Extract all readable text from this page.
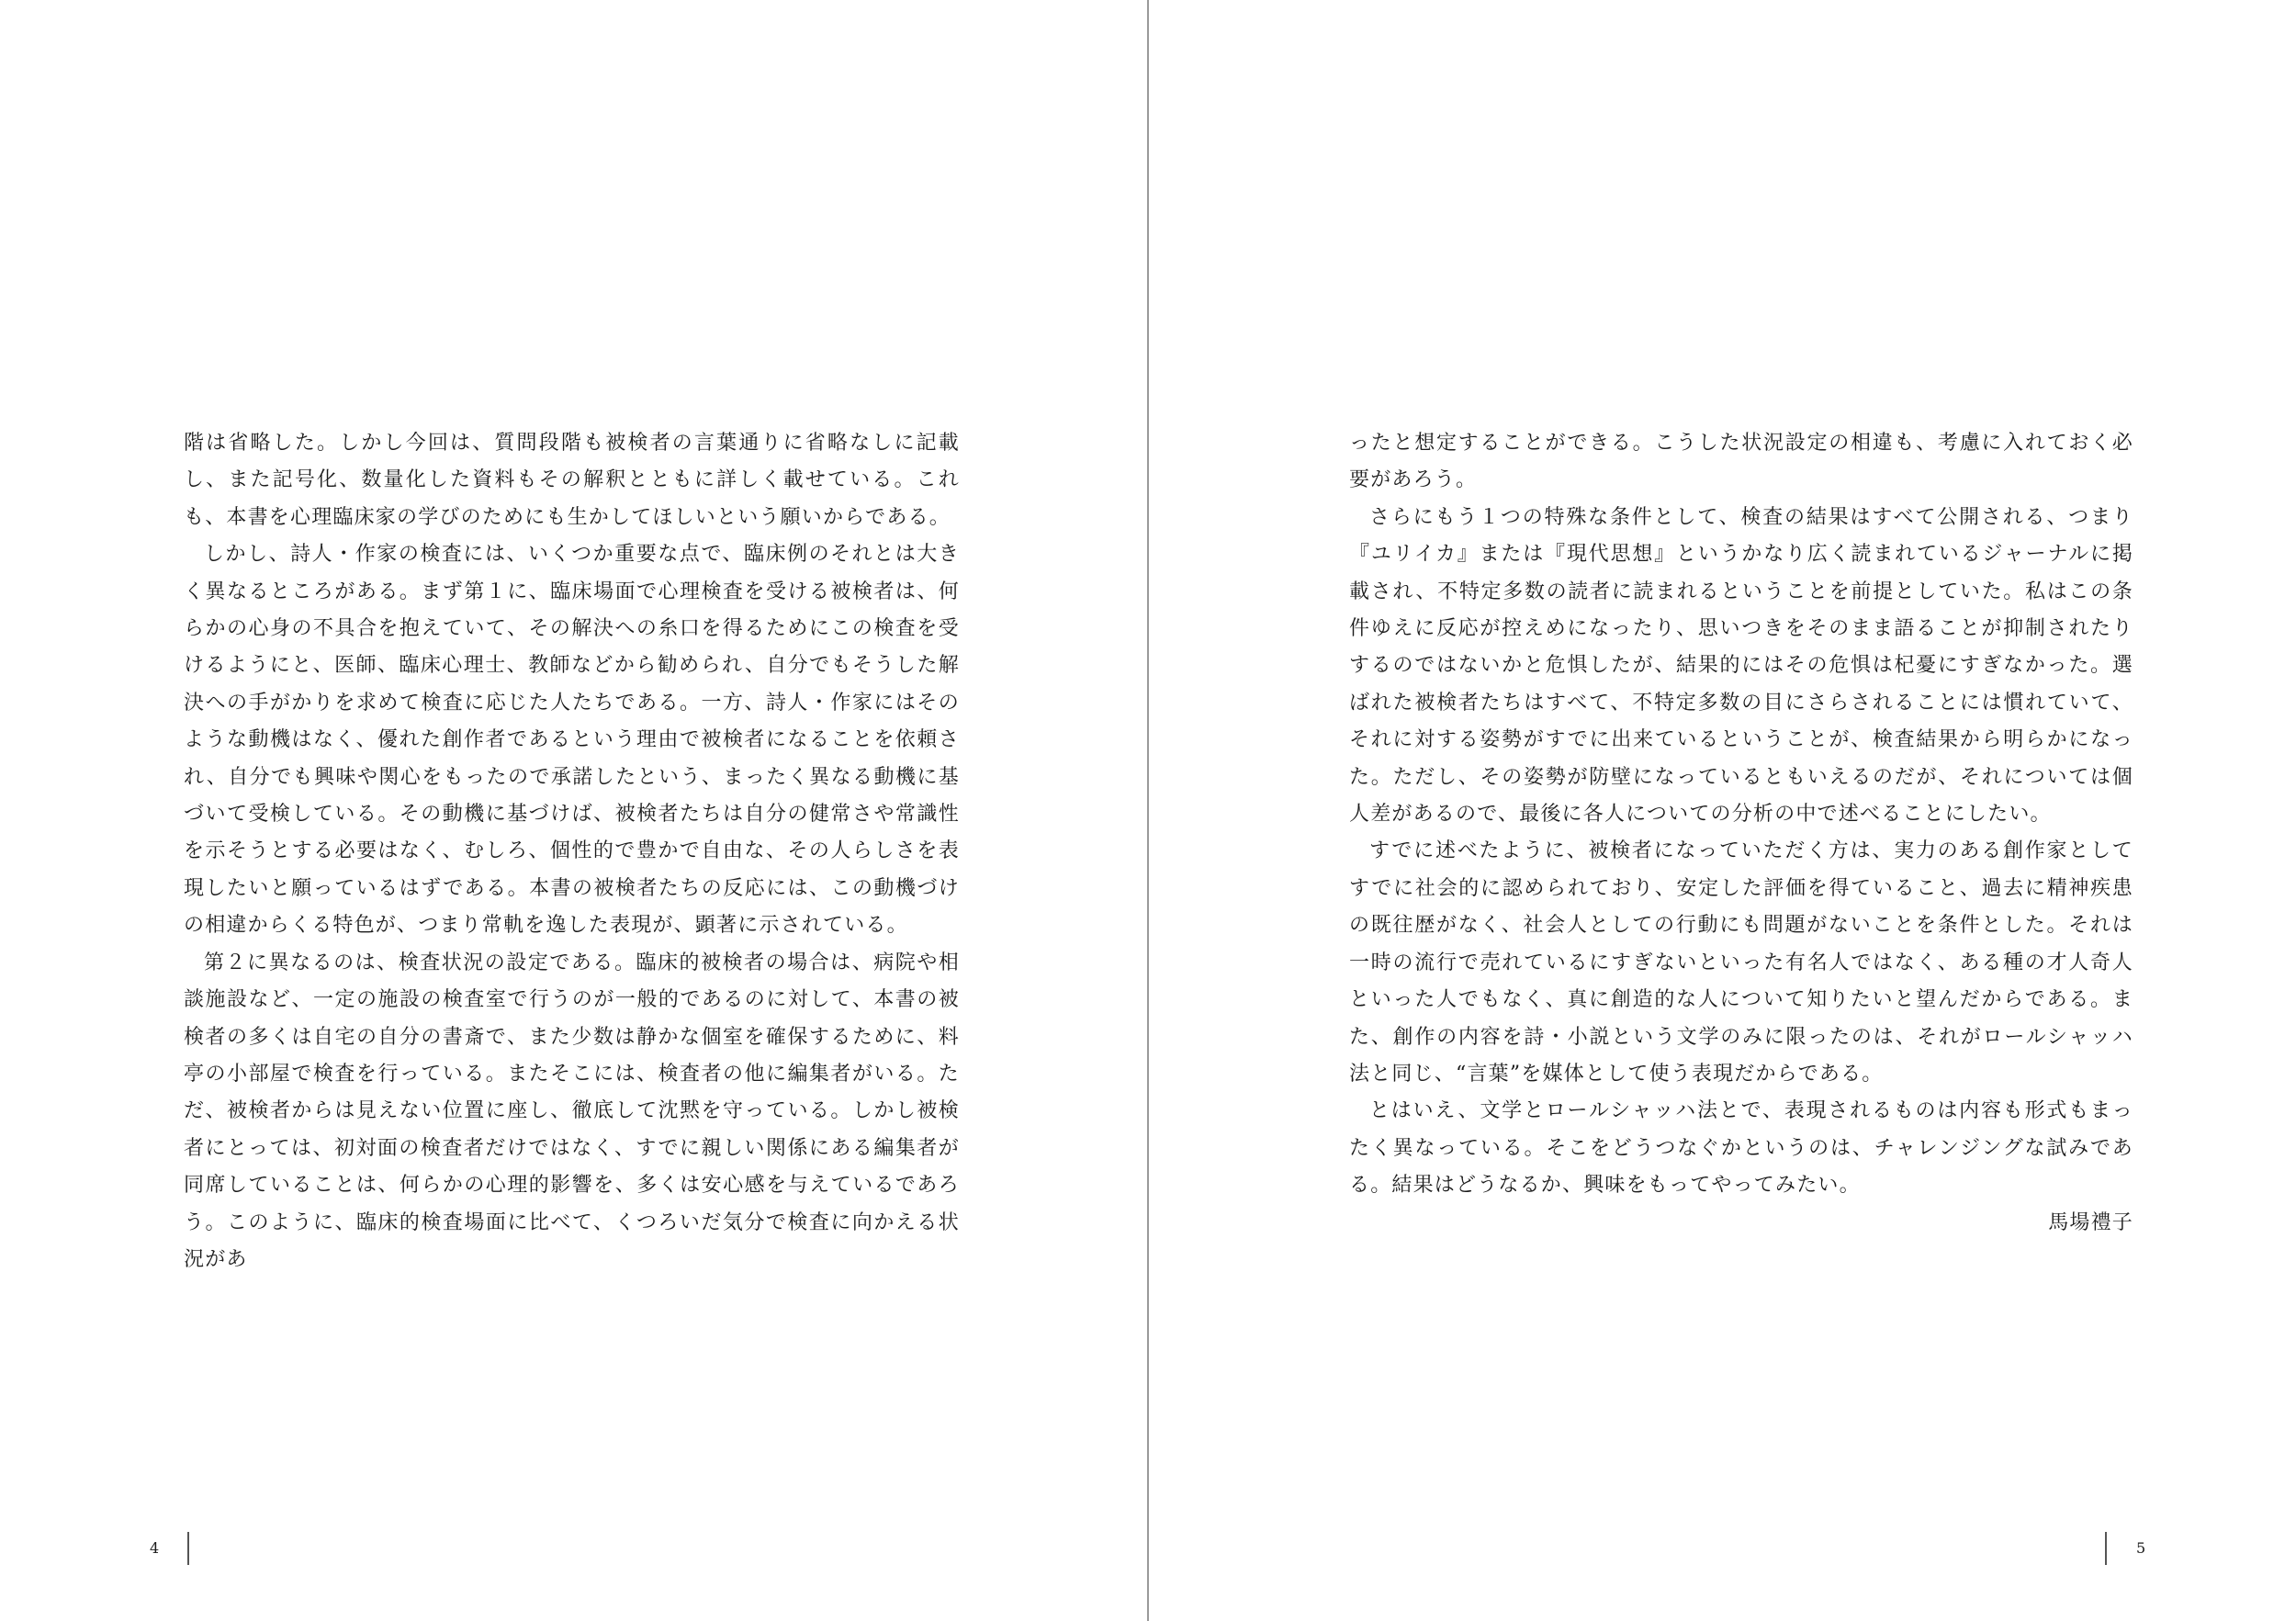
階は省略した。しかし今回は、質問段階も被検者の言葉通りに省略なしに記載し、また記号化、数量化した資料もその解釈とともに詳しく載せている。これも、本書を心理臨床家の学びのためにも生かしてほしいという願いからである。

しかし、詩人・作家の検査には、いくつか重要な点で、臨床例のそれとは大きく異なるところがある。まず第１に、臨床場面で心理検査を受ける被検者は、何らかの心身の不具合を抱えていて、その解決への糸口を得るためにこの検査を受けるようにと、医師、臨床心理士、教師などから勧められ、自分でもそうした解決への手がかりを求めて検査に応じた人たちである。一方、詩人・作家にはそのような動機はなく、優れた創作者であるという理由で被検者になることを依頼され、自分でも興味や関心をもったので承諾したという、まったく異なる動機に基づいて受検している。その動機に基づけば、被検者たちは自分の健常さや常識性を示そうとする必要はなく、むしろ、個性的で豊かで自由な、その人らしさを表現したいと願っているはずである。本書の被検者たちの反応には、この動機づけの相違からくる特色が、つまり常軌を逸した表現が、顕著に示されている。

第２に異なるのは、検査状況の設定である。臨床的被検者の場合は、病院や相談施設など、一定の施設の検査室で行うのが一般的であるのに対して、本書の被検者の多くは自宅の自分の書斎で、また少数は静かな個室を確保するために、料亭の小部屋で検査を行っている。またそこには、検査者の他に編集者がいる。ただ、被検者からは見えない位置に座し、徹底して沈黙を守っている。しかし被検者にとっては、初対面の検査者だけではなく、すでに親しい関係にある編集者が同席していることは、何らかの心理的影響を、多くは安心感を与えているであろう。このように、臨床的検査場面に比べて、くつろいだ気分で検査に向かえる状況があ

4

ったと想定することができる。こうした状況設定の相違も、考慮に入れておく必要があろう。

さらにもう１つの特殊な条件として、検査の結果はすべて公開される、つまり『ユリイカ』または『現代思想』というかなり広く読まれているジャーナルに掲載され、不特定多数の読者に読まれるということを前提としていた。私はこの条件ゆえに反応が控えめになったり、思いつきをそのまま語ることが抑制されたりするのではないかと危惧したが、結果的にはその危惧は杞憂にすぎなかった。選ばれた被検者たちはすべて、不特定多数の目にさらされることには慣れていて、それに対する姿勢がすでに出来ているということが、検査結果から明らかになった。ただし、その姿勢が防壁になっているともいえるのだが、それについては個人差があるので、最後に各人についての分析の中で述べることにしたい。

すでに述べたように、被検者になっていただく方は、実力のある創作家としてすでに社会的に認められており、安定した評価を得ていること、過去に精神疾患の既往歴がなく、社会人としての行動にも問題がないことを条件とした。それは一時の流行で売れているにすぎないといった有名人ではなく、ある種の才人奇人といった人でもなく、真に創造的な人について知りたいと望んだからである。また、創作の内容を詩・小説という文学のみに限ったのは、それがロールシャッハ法と同じ、“言葉”を媒体として使う表現だからである。

とはいえ、文学とロールシャッハ法とで、表現されるものは内容も形式もまったく異なっている。そこをどうつなぐかというのは、チャレンジングな試みである。結果はどうなるか、興味をもってやってみたい。

馬場禮子

5
